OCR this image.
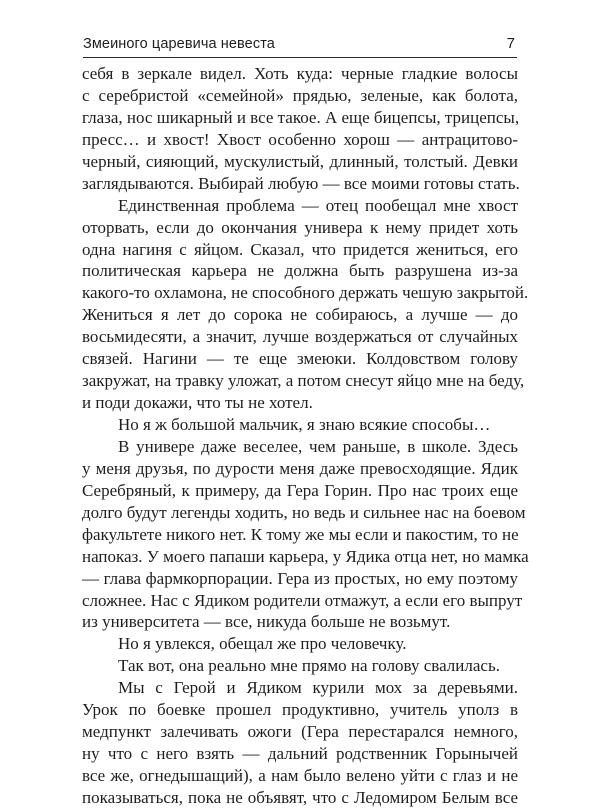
Змеиного царевича невеста	7
себя в зеркале видел. Хоть куда: черные гладкие волосы
с серебристой «семейной» прядью, зеленые, как болота,
глаза, нос шикарный и все такое. А еще бицепсы, трицепсы,
пресс… и хвост! Хвост особенно хорош — антрацитово-
черный, сияющий, мускулистый, длинный, толстый. Девки
заглядываются. Выбирай любую — все моими готовы стать.
Единственная проблема — отец пообещал мне хвост
оторвать, если до окончания универа к нему придет хоть
одна нагиня с яйцом. Сказал, что придется жениться, его
политическая карьера не должна быть разрушена из-за
какого-то охламона, не способного держать чешую закрытой.
Жениться я лет до сорока не собираюсь, а лучше — до
восьмидесяти, а значит, лучше воздержаться от случайных
связей. Нагини — те еще змеюки. Колдовством голову
закружат, на травку уложат, а потом снесут яйцо мне на беду,
и поди докажи, что ты не хотел.
Но я ж большой мальчик, я знаю всякие способы…
В универе даже веселее, чем раньше, в школе. Здесь
у меня друзья, по дурости меня даже превосходящие. Ядик
Серебряный, к примеру, да Гера Горин. Про нас троих еще
долго будут легенды ходить, но ведь и сильнее нас на боевом
факультете никого нет. К тому же мы если и пакостим, то не
напоказ. У моего папаши карьера, у Ядика отца нет, но мамка
— глава фармкорпорации. Гера из простых, но ему поэтому
сложнее. Нас с Ядиком родители отмажут, а если его выпрут
из университета — все, никуда больше не возьмут.
Но я увлекся, обещал же про человечку.
Так вот, она реально мне прямо на голову свалилась.
Мы с Герой и Ядиком курили мох за деревьями.
Урок по боевке прошел продуктивно, учитель уполз в
медпункт залечивать ожоги (Гера перестарался немного,
ну что с него взять — дальний родственник Горынычей
все же, огнедышащий), а нам было велено уйти с глаз и не
показываться, пока не объявят, что с Ледомиром Белым все
